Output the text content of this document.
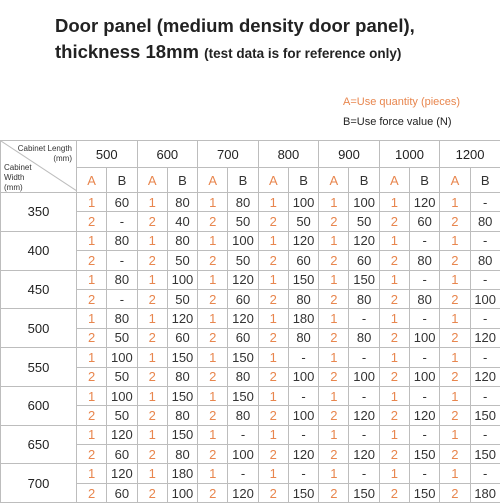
Door panel (medium density door panel),
thickness 18mm (test data is for reference only)
A=Use quantity (pieces)
B=Use force value (N)
Cabinet Length
(mm)
Cabinet
Width
(mm)	500		600		700		800		900		1000		1200	
	A	B	A	B	A	B	A	B	A	B	A	B	A	B
350	1	60	1	80	1	80	1	100	1	100	1	120	1	-
	2	-	2	40	2	50	2	50	2	50	2	60	2	80
400	1	80	1	80	1	100	1	120	1	120	1	-	1	-
	2	-	2	50	2	50	2	60	2	60	2	80	2	80
450	1	80	1	100	1	120	1	150	1	150	1	-	1	-
	2	-	2	50	2	60	2	80	2	80	2	80	2	100
500	1	80	1	120	1	120	1	180	1	-	1	-	1	-
	2	50	2	60	2	60	2	80	2	80	2	100	2	120
550	1	100	1	150	1	150	1	-	1	-	1	-	1	-
	2	50	2	80	2	80	2	100	2	100	2	100	2	120
600	1	100	1	150	1	150	1	-	1	-	1	-	1	-
	2	50	2	80	2	80	2	100	2	120	2	120	2	150
650	1	120	1	150	1	-	1	-	1	-	1	-	1	-
	2	60	2	80	2	100	2	120	2	120	2	150	2	150
700	1	120	1	180	1	-	1	-	1	-	1	-	1	-
	2	60	2	100	2	120	2	150	2	150	2	150	2	180
